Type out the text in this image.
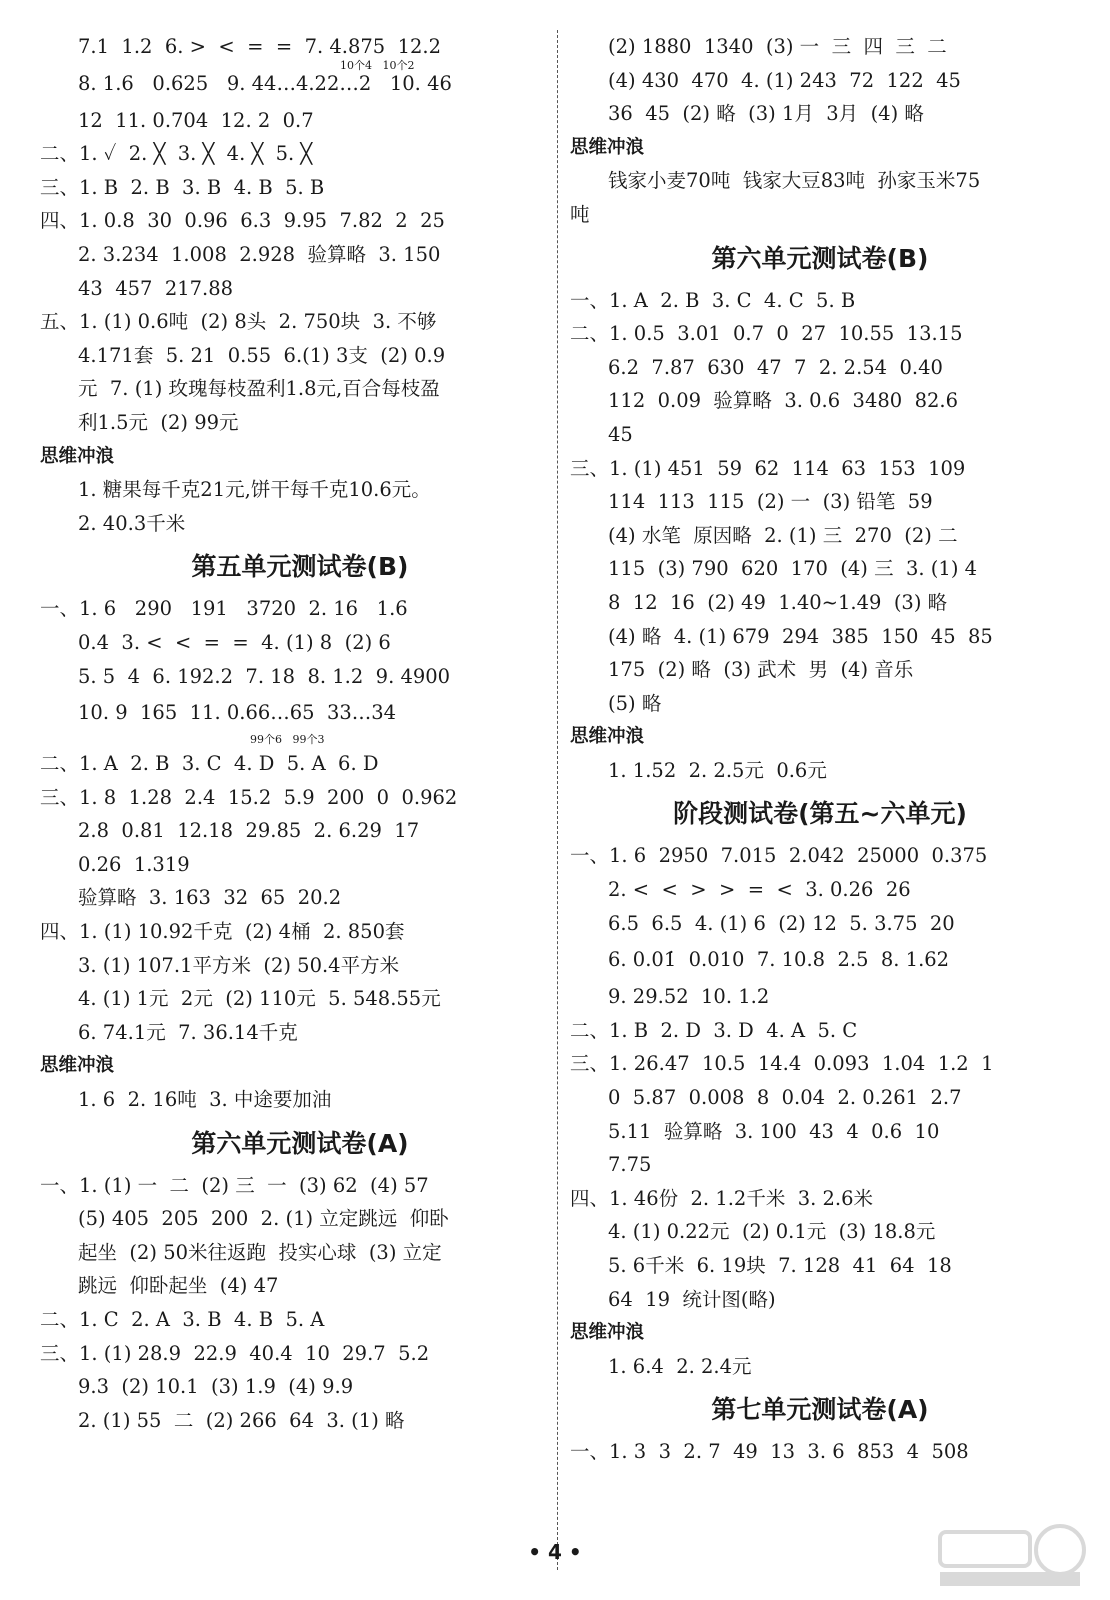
7.1  1.2  6. >  <  =  =  7. 4.875  12.2
8. 1.6   0.625   9. 44…4.22…2   10. 46
10个4   10个2
12  11. 0.704  12. 2  0.7
二、1. ✓  2. ╳  3. ╳  4. ╳  5. ╳
三、1. B  2. B  3. B  4. B  5. B
四、1. 0.8  30  0.96  6.3  9.95  7.82  2  25
2. 3.234  1.008  2.928  验算略  3. 150
43  457  217.88
五、1. (1) 0.6吨  (2) 8头  2. 750块  3. 不够
4.171套  5. 21  0.55  6.(1) 3支  (2) 0.9
元  7. (1) 玫瑰每枝盈利1.8元,百合每枝盈
利1.5元  (2) 99元
思维冲浪
1. 糖果每千克21元,饼干每千克10.6元。
2. 40.3千米
第五单元测试卷(B)
一、1. 6   290   191   3720  2. 16   1.6
0.4  3. <  <  =  =  4. (1) 8  (2) 6
5. 5  4  6. 192.2  7. 18  8. 1.2  9. 4900
10. 9  165  11. 0.66…65  33…34
99个6   99个3
二、1. A  2. B  3. C  4. D  5. A  6. D
三、1. 8  1.28  2.4  15.2  5.9  200  0  0.962
2.8  0.81  12.18  29.85  2. 6.29  17
0.26  1.319
验算略  3. 163  32  65  20.2
四、1. (1) 10.92千克  (2) 4桶  2. 850套
3. (1) 107.1平方米  (2) 50.4平方米
4. (1) 1元  2元  (2) 110元  5. 548.55元
6. 74.1元  7. 36.14千克
思维冲浪
1. 6  2. 16吨  3. 中途要加油
第六单元测试卷(A)
一、1. (1) 一  二  (2) 三  一  (3) 62  (4) 57
(5) 405  205  200  2. (1) 立定跳远  仰卧
起坐  (2) 50米往返跑  投实心球  (3) 立定
跳远  仰卧起坐  (4) 47
二、1. C  2. A  3. B  4. B  5. A
三、1. (1) 28.9  22.9  40.4  10  29.7  5.2
9.3  (2) 10.1  (3) 1.9  (4) 9.9
2. (1) 55  二  (2) 266  64  3. (1) 略
(2) 1880  1340  (3) 一  三  四  三  二
(4) 430  470  4. (1) 243  72  122  45
36  45  (2) 略  (3) 1月  3月  (4) 略
思维冲浪
钱家小麦70吨  钱家大豆83吨  孙家玉米75
吨
第六单元测试卷(B)
一、1. A  2. B  3. C  4. C  5. B
二、1. 0.5  3.01  0.7  0  27  10.55  13.15
6.2  7.87  630  47  7  2. 2.54  0.40
112  0.09  验算略  3. 0.6  3480  82.6
45
三、1. (1) 451  59  62  114  63  153  109
114  113  115  (2) 一  (3) 铅笔  59
(4) 水笔  原因略  2. (1) 三  270  (2) 二
115  (3) 790  620  170  (4) 三  3. (1) 4
8  12  16  (2) 49  1.40~1.49  (3) 略
(4) 略  4. (1) 679  294  385  150  45  85
175  (2) 略  (3) 武术  男  (4) 音乐
(5) 略
思维冲浪
1. 1.52  2. 2.5元  0.6元
阶段测试卷(第五~六单元)
一、1. 6  2950  7.015  2.042  25000  0.375
2. <  <  >  >  =  <  3. 0.26  26
6.5  6.5  4. (1) 6  (2) 12  5. 3.75  20
6. 0.01̇  0.010  7. 10.8  2.5  8. 1.62
9. 29.52  10. 1.2
二、1. B  2. D  3. D  4. A  5. C
三、1. 26.47  10.5  14.4  0.093  1.04  1.2  1
0  5.87  0.008  8  0.04  2. 0.261  2.7
5.11  验算略  3. 100  43  4  0.6  10
7.75
四、1. 46份  2. 1.2千米  3. 2.6米
4. (1) 0.22元  (2) 0.1元  (3) 18.8元
5. 6千米  6. 19块  7. 128  41  64  18
64  19  统计图(略)
思维冲浪
1. 6.4  2. 2.4元
第七单元测试卷(A)
一、1. 3  3  2. 7  49  13  3. 6  853  4  508
• 4 •
